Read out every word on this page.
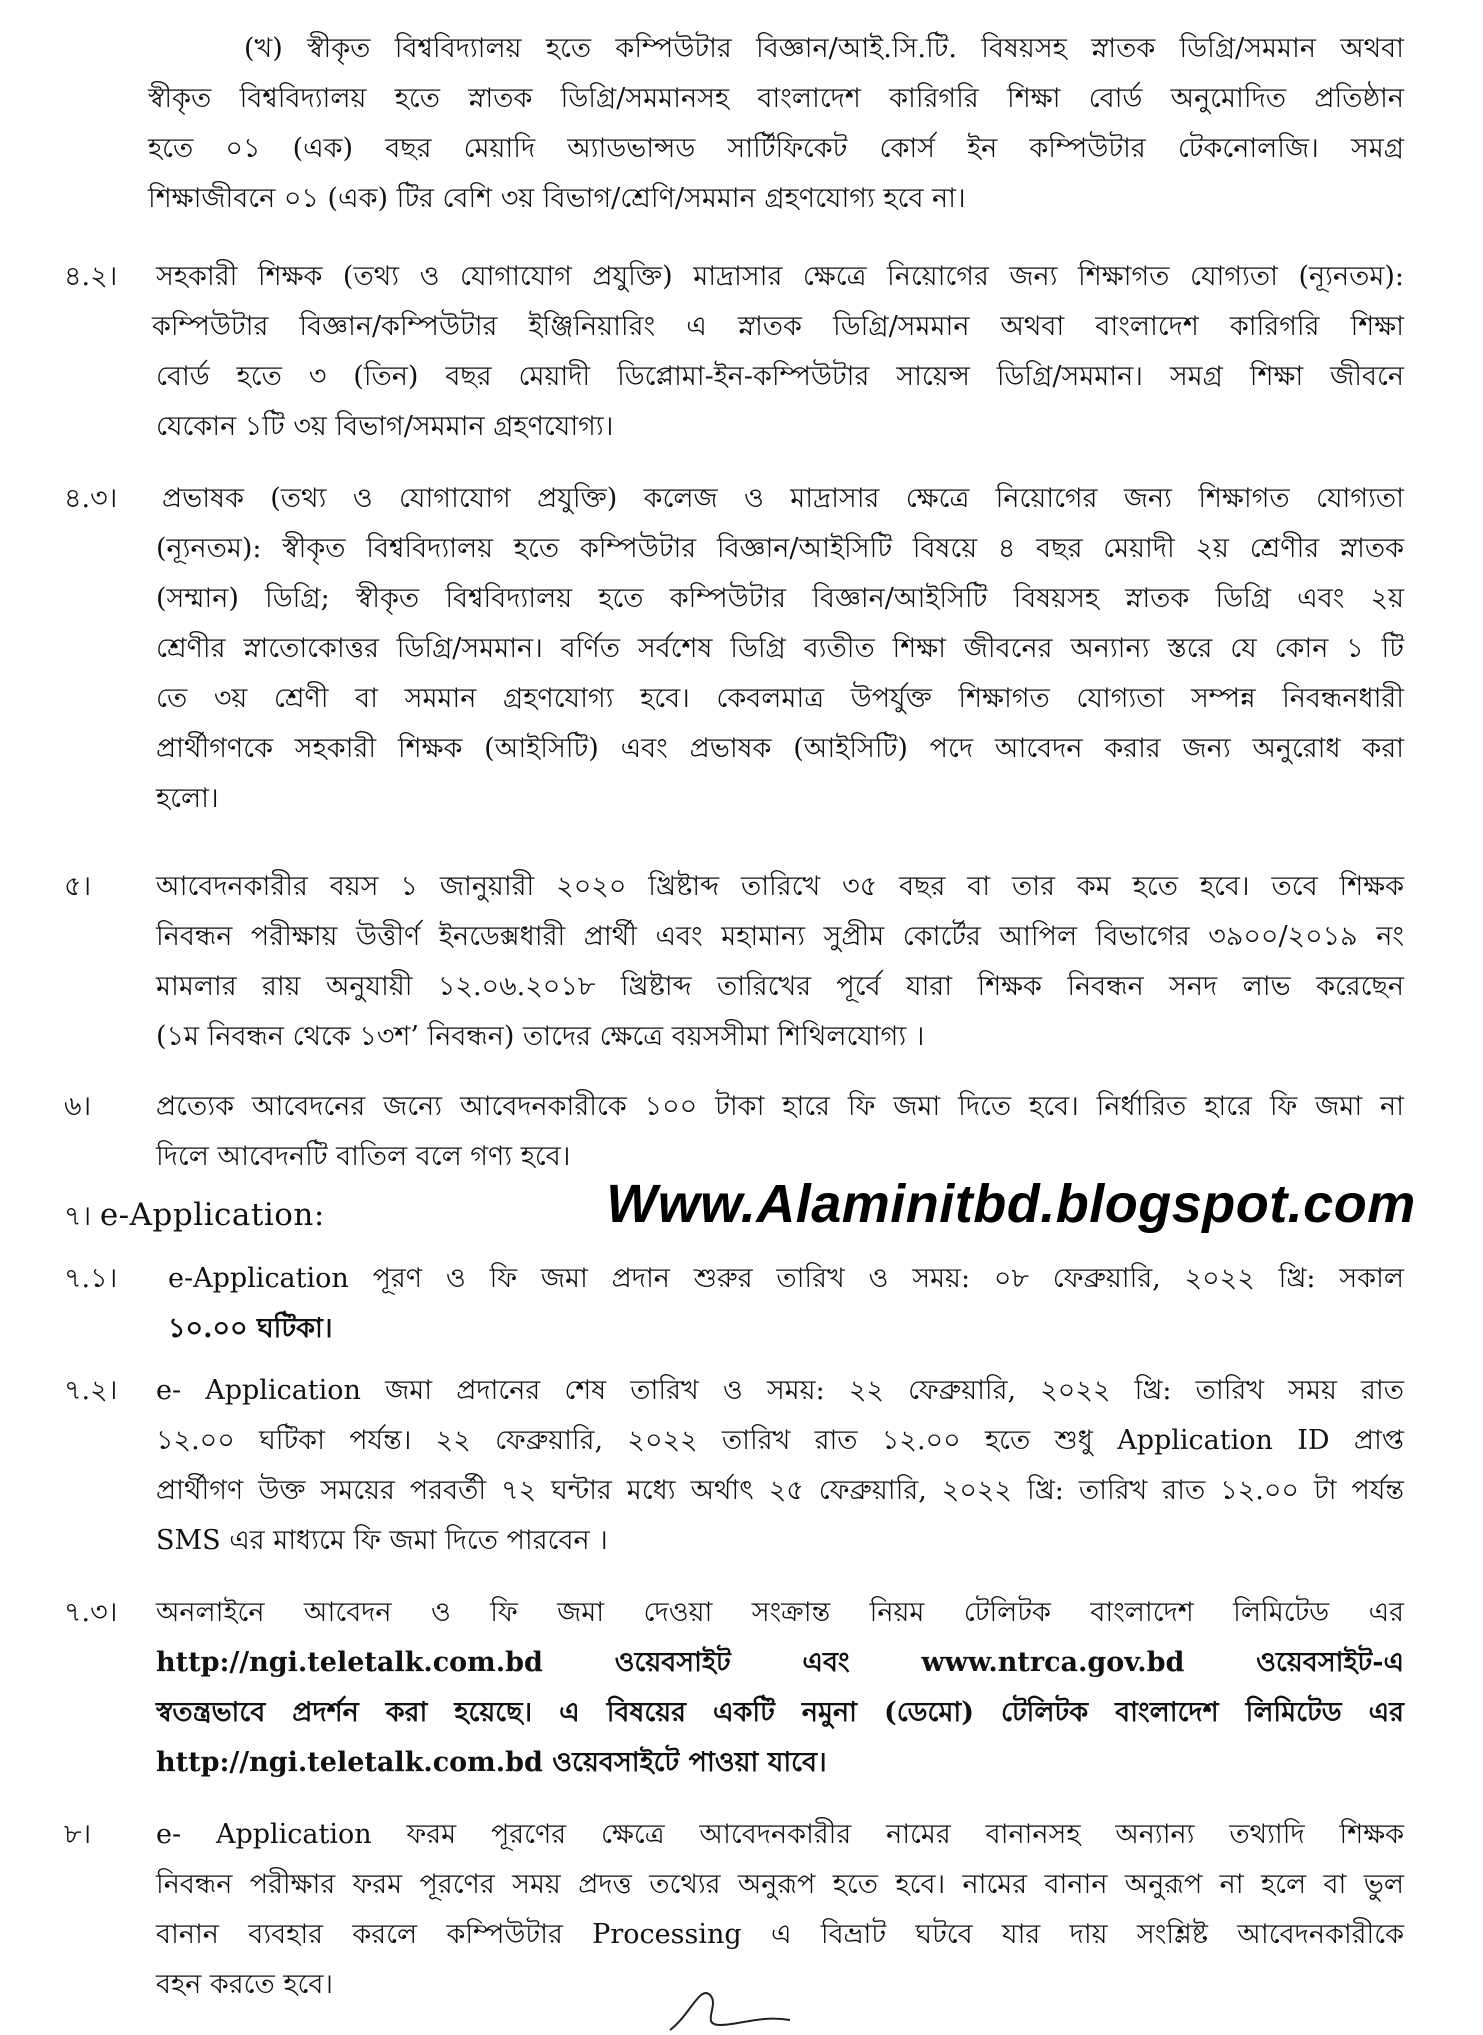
(খ) স্বীকৃত বিশ্ববিদ্যালয় হতে কম্পিউটার বিজ্ঞান/আই.সি.টি. বিষয়সহ স্নাতক ডিগ্রি/সমমান অথবা
স্বীকৃত বিশ্ববিদ্যালয় হতে স্নাতক ডিগ্রি/সমমানসহ বাংলাদেশ কারিগরি শিক্ষা বোর্ড অনুমোদিত প্রতিষ্ঠান
হতে ০১ (এক) বছর মেয়াদি অ্যাডভান্সড সার্টিফিকেট কোর্স ইন কম্পিউটার টেকনোলজি। সমগ্র
শিক্ষাজীবনে ০১ (এক) টির বেশি ৩য় বিভাগ/শ্রেণি/সমমান গ্রহণযোগ্য হবে না।
৪.২। সহকারী শিক্ষক (তথ্য ও যোগাযোগ প্রযুক্তি) মাদ্রাসার ক্ষেত্রে নিয়োগের জন্য শিক্ষাগত যোগ্যতা (ন্যূনতম):
কম্পিউটার বিজ্ঞান/কম্পিউটার ইঞ্জিনিয়ারিং এ স্নাতক ডিগ্রি/সমমান অথবা বাংলাদেশ কারিগরি শিক্ষা
বোর্ড হতে ৩ (তিন) বছর মেয়াদী ডিপ্লোমা-ইন-কম্পিউটার সায়েন্স ডিগ্রি/সমমান। সমগ্র শিক্ষা জীবনে
যেকোন ১টি ৩য় বিভাগ/সমমান গ্রহণযোগ্য।
৪.৩। প্রভাষক (তথ্য ও যোগাযোগ প্রযুক্তি) কলেজ ও মাদ্রাসার ক্ষেত্রে নিয়োগের জন্য শিক্ষাগত যোগ্যতা
(ন্যূনতম): স্বীকৃত বিশ্ববিদ্যালয় হতে কম্পিউটার বিজ্ঞান/আইসিটি বিষয়ে ৪ বছর মেয়াদী ২য় শ্রেণীর স্নাতক
(সম্মান) ডিগ্রি; স্বীকৃত বিশ্ববিদ্যালয় হতে কম্পিউটার বিজ্ঞান/আইসিটি বিষয়সহ স্নাতক ডিগ্রি এবং ২য়
শ্রেণীর স্নাতোকোত্তর ডিগ্রি/সমমান। বর্ণিত সর্বশেষ ডিগ্রি ব্যতীত শিক্ষা জীবনের অন্যান্য স্তরে যে কোন ১ টি
তে ৩য় শ্রেণী বা সমমান গ্রহণযোগ্য হবে। কেবলমাত্র উপর্যুক্ত শিক্ষাগত যোগ্যতা সম্পন্ন নিবন্ধনধারী
প্রার্থীগণকে সহকারী শিক্ষক (আইসিটি) এবং প্রভাষক (আইসিটি) পদে আবেদন করার জন্য অনুরোধ করা
হলো।
৫। আবেদনকারীর বয়স ১ জানুয়ারী ২০২০ খ্রিষ্টাব্দ তারিখে ৩৫ বছর বা তার কম হতে হবে। তবে শিক্ষক
নিবন্ধন পরীক্ষায় উত্তীর্ণ ইনডেক্সধারী প্রার্থী এবং মহামান্য সুপ্রীম কোর্টের আপিল বিভাগের ৩৯০০/২০১৯ নং
মামলার রায় অনুযায়ী ১২.০৬.২০১৮ খ্রিষ্টাব্দ তারিখের পূর্বে যারা শিক্ষক নিবন্ধন সনদ লাভ করেছেন
(১ম নিবন্ধন থেকে ১৩শ’ নিবন্ধন) তাদের ক্ষেত্রে বয়সসীমা শিথিলযোগ্য ।
৬। প্রত্যেক আবেদনের জন্যে আবেদনকারীকে ১০০ টাকা হারে ফি জমা দিতে হবে। নির্ধারিত হারে ফি জমা না
দিলে আবেদনটি বাতিল বলে গণ্য হবে।
৭। e-Application:	Www.Alaminitbd.blogspot.com
৭.১। e-Application পূরণ ও ফি জমা প্রদান শুরুর তারিখ ও সময়: ০৮ ফেব্রুয়ারি, ২০২২ খ্রি: সকাল
১০.০০ ঘটিকা।
৭.২। e- Application জমা প্রদানের শেষ তারিখ ও সময়: ২২ ফেব্রুয়ারি, ২০২২ খ্রি: তারিখ সময় রাত
১২.০০ ঘটিকা পর্যন্ত। ২২ ফেব্রুয়ারি, ২০২২ তারিখ রাত ১২.০০ হতে শুধু Application ID প্রাপ্ত
প্রার্থীগণ উক্ত সময়ের পরবর্তী ৭২ ঘন্টার মধ্যে অর্থাৎ ২৫ ফেব্রুয়ারি, ২০২২ খ্রি: তারিখ রাত ১২.০০ টা পর্যন্ত
SMS এর মাধ্যমে ফি জমা দিতে পারবেন ।
৭.৩। অনলাইনে আবেদন ও ফি জমা দেওয়া সংক্রান্ত নিয়ম টেলিটক বাংলাদেশ লিমিটেড এর
http://ngi.teletalk.com.bd ওয়েবসাইট এবং www.ntrca.gov.bd ওয়েবসাইট-এ
স্বতন্ত্রভাবে প্রদর্শন করা হয়েছে। এ বিষয়ের একটি নমুনা (ডেমো) টেলিটক বাংলাদেশ লিমিটেড এর
http://ngi.teletalk.com.bd ওয়েবসাইটে পাওয়া যাবে।
৮। e- Application ফরম পূরণের ক্ষেত্রে আবেদনকারীর নামের বানানসহ অন্যান্য তথ্যাদি শিক্ষক
নিবন্ধন পরীক্ষার ফরম পূরণের সময় প্রদত্ত তথ্যের অনুরূপ হতে হবে। নামের বানান অনুরূপ না হলে বা ভুল
বানান ব্যবহার করলে কম্পিউটার Processing এ বিভ্রাট ঘটবে যার দায় সংশ্লিষ্ট আবেদনকারীকে
বহন করতে হবে।
